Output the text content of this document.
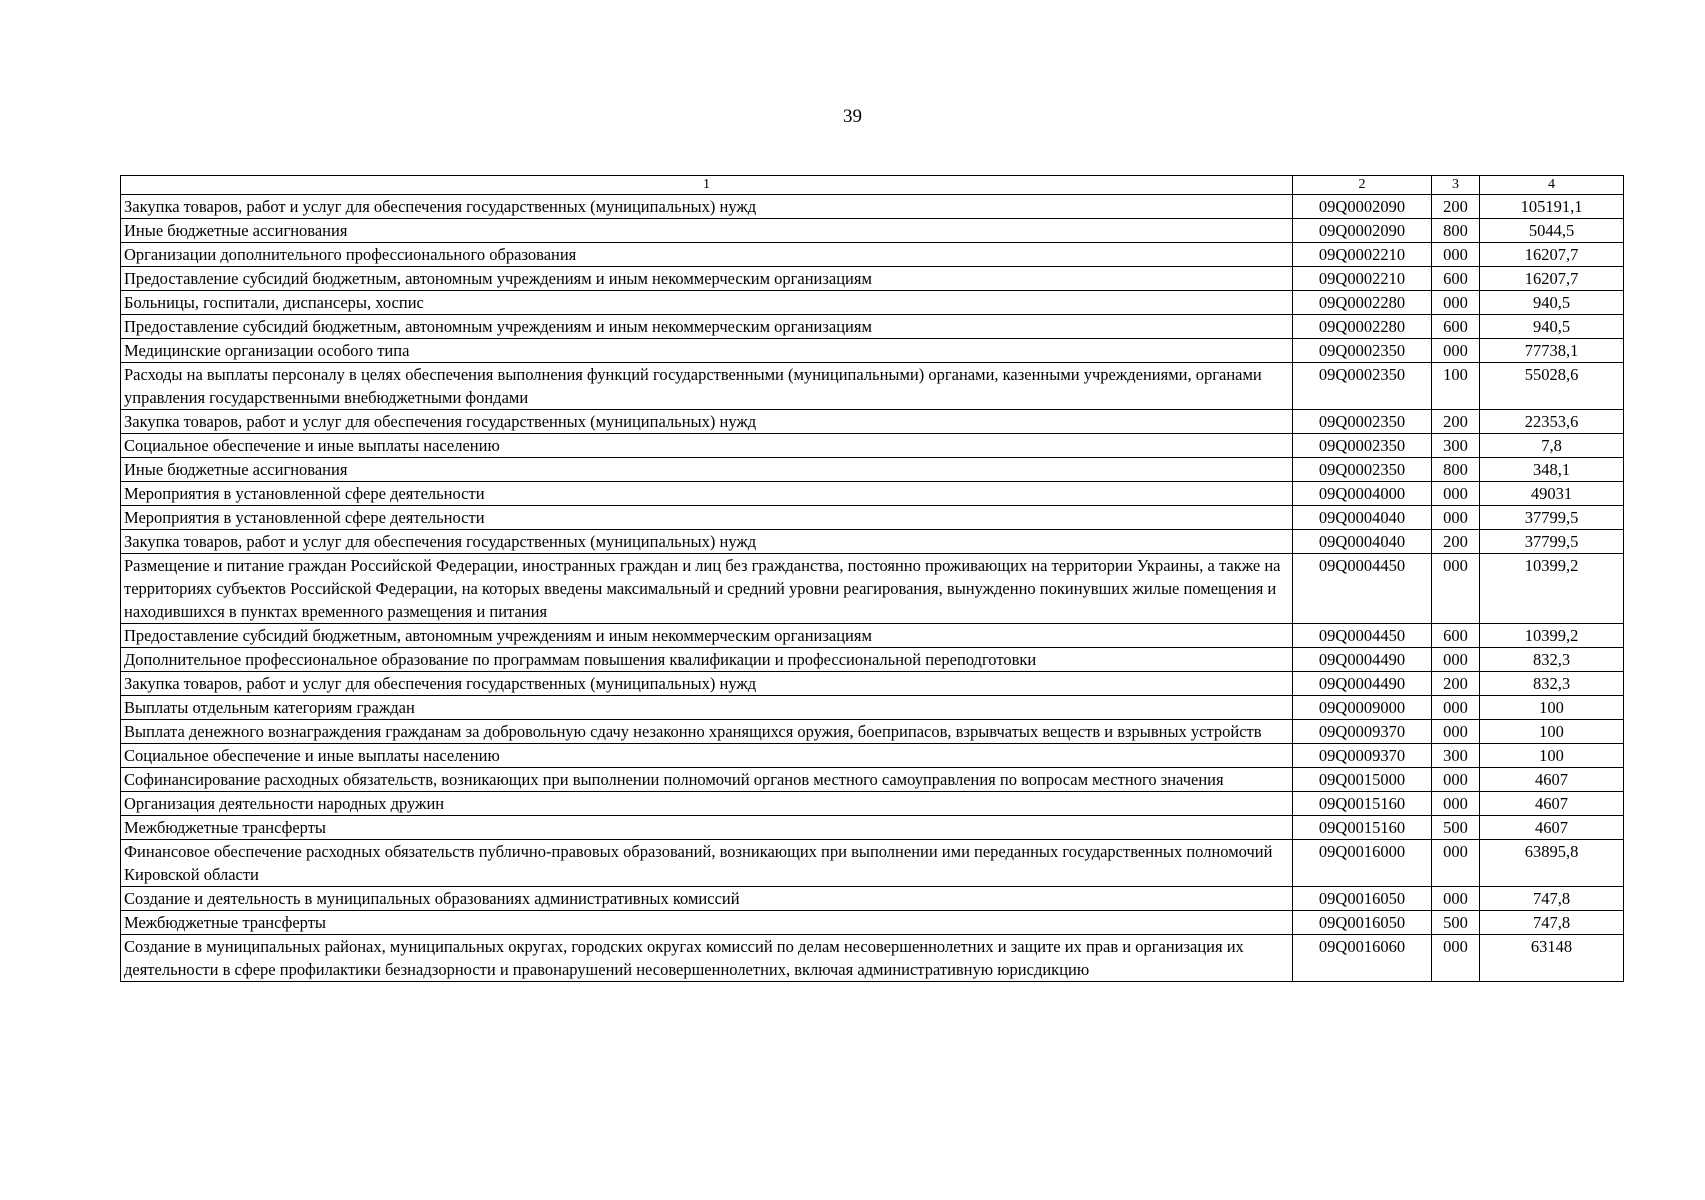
39
1	2	3	4
Закупка товаров, работ и услуг для обеспечения государственных (муниципальных) нужд	09Q0002090	200	105191,1
Иные бюджетные ассигнования	09Q0002090	800	5044,5
Организации дополнительного профессионального образования	09Q0002210	000	16207,7
Предоставление субсидий бюджетным, автономным учреждениям и иным некоммерческим организациям	09Q0002210	600	16207,7
Больницы, госпитали, диспансеры, хоспис	09Q0002280	000	940,5
Предоставление субсидий бюджетным, автономным учреждениям и иным некоммерческим организациям	09Q0002280	600	940,5
Медицинские организации особого типа	09Q0002350	000	77738,1
Расходы на выплаты персоналу в целях обеспечения выполнения функций государственными (муниципальными) органами, казенными учреждениями, органами управления государственными внебюджетными фондами	09Q0002350	100	55028,6
Закупка товаров, работ и услуг для обеспечения государственных (муниципальных) нужд	09Q0002350	200	22353,6
Социальное обеспечение и иные выплаты населению	09Q0002350	300	7,8
Иные бюджетные ассигнования	09Q0002350	800	348,1
Мероприятия в установленной сфере деятельности	09Q0004000	000	49031
Мероприятия в установленной сфере деятельности	09Q0004040	000	37799,5
Закупка товаров, работ и услуг для обеспечения государственных (муниципальных) нужд	09Q0004040	200	37799,5
Размещение и питание граждан Российской Федерации, иностранных граждан и лиц без гражданства, постоянно проживающих на территории Украины, а также на территориях субъектов Российской Федерации, на которых введены максимальный и средний уровни реагирования, вынужденно покинувших жилые помещения и находившихся в пунктах временного размещения и питания	09Q0004450	000	10399,2
Предоставление субсидий бюджетным, автономным учреждениям и иным некоммерческим организациям	09Q0004450	600	10399,2
Дополнительное профессиональное образование по программам повышения квалификации и профессиональной переподготовки	09Q0004490	000	832,3
Закупка товаров, работ и услуг для обеспечения государственных (муниципальных) нужд	09Q0004490	200	832,3
Выплаты отдельным категориям граждан	09Q0009000	000	100
Выплата денежного вознаграждения гражданам за добровольную сдачу незаконно хранящихся оружия, боеприпасов, взрывчатых веществ и взрывных устройств	09Q0009370	000	100
Социальное обеспечение и иные выплаты населению	09Q0009370	300	100
Софинансирование расходных обязательств, возникающих при выполнении полномочий органов местного самоуправления по вопросам местного значения	09Q0015000	000	4607
Организация деятельности народных дружин	09Q0015160	000	4607
Межбюджетные трансферты	09Q0015160	500	4607
Финансовое обеспечение расходных обязательств публично-правовых образований, возникающих при выполнении ими переданных государственных полномочий Кировской области	09Q0016000	000	63895,8
Создание и деятельность в муниципальных образованиях административных комиссий	09Q0016050	000	747,8
Межбюджетные трансферты	09Q0016050	500	747,8
Создание в муниципальных районах, муниципальных округах, городских округах комиссий по делам несовершеннолетних и защите их прав и организация их деятельности в сфере профилактики безнадзорности и правонарушений несовершеннолетних, включая административную юрисдикцию	09Q0016060	000	63148
